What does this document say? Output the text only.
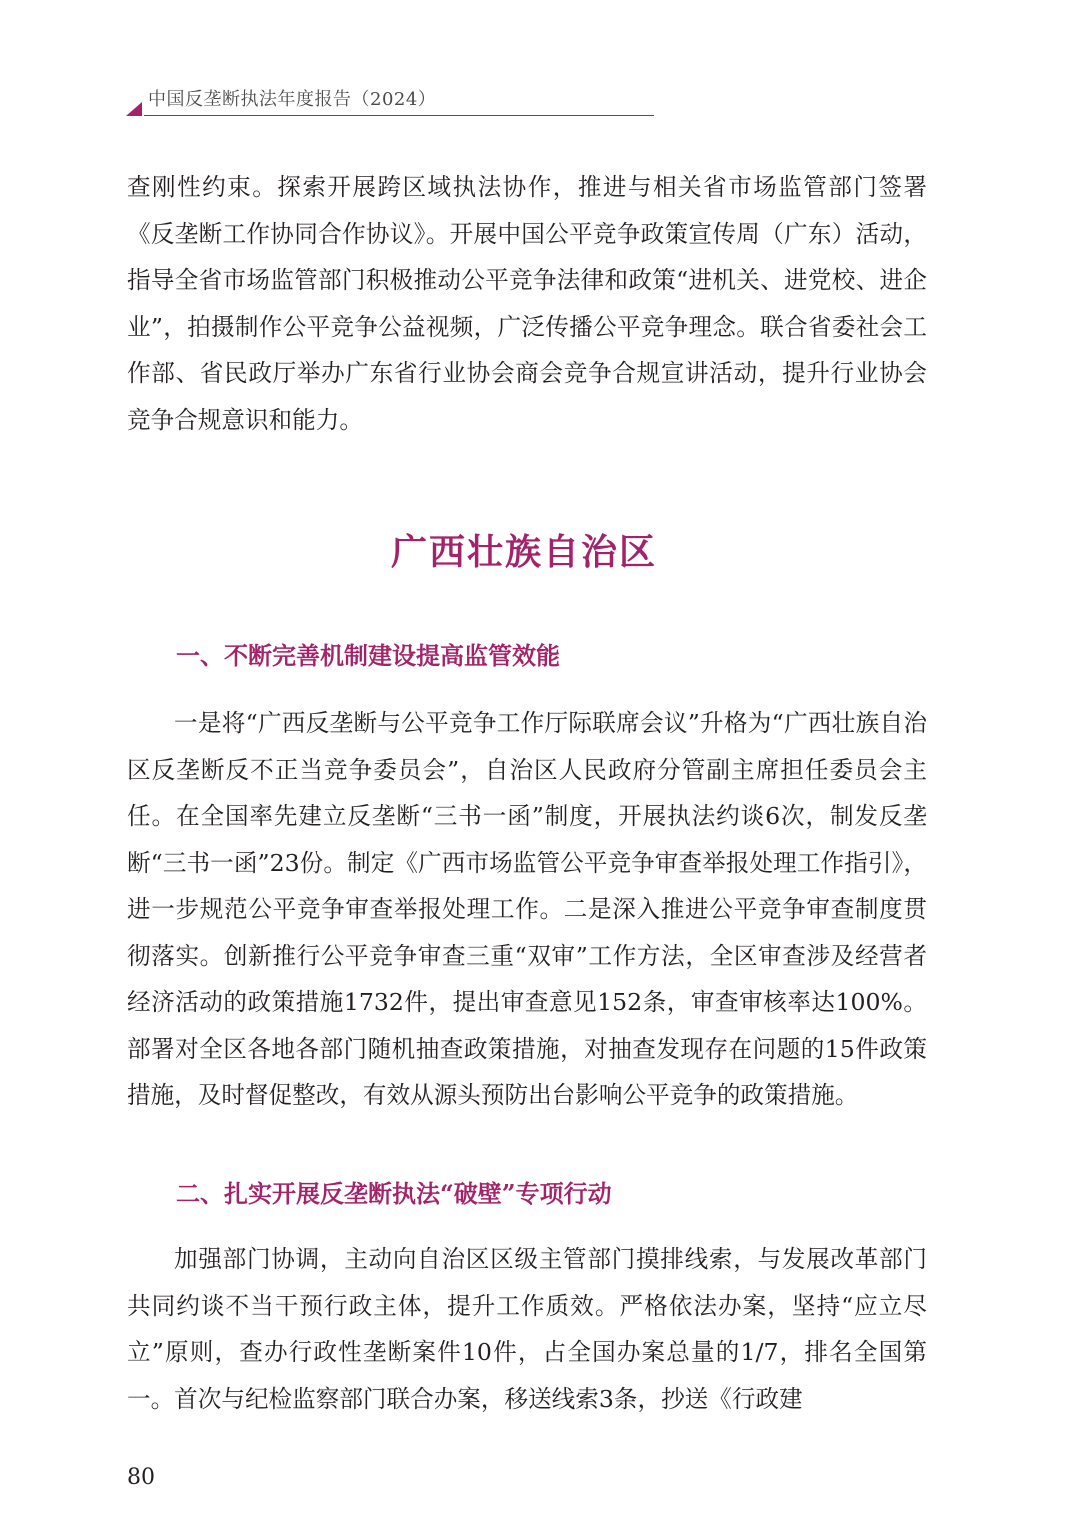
中国反垄断执法年度报告（2024）

查刚性约束。探索开展跨区域执法协作，推进与相关省市场监管部门签署《反垄断工作协同合作协议》。开展中国公平竞争政策宣传周（广东）活动，指导全省市场监管部门积极推动公平竞争法律和政策“进机关、进党校、进企业”，拍摄制作公平竞争公益视频，广泛传播公平竞争理念。联合省委社会工作部、省民政厅举办广东省行业协会商会竞争合规宣讲活动，提升行业协会竞争合规意识和能力。

广西壮族自治区
一、不断完善机制建设提高监管效能

一是将“广西反垄断与公平竞争工作厅际联席会议”升格为“广西壮族自治区反垄断反不正当竞争委员会”，自治区人民政府分管副主席担任委员会主任。在全国率先建立反垄断“三书一函”制度，开展执法约谈6次，制发反垄断“三书一函”23份。制定《广西市场监管公平竞争审查举报处理工作指引》，进一步规范公平竞争审查举报处理工作。二是深入推进公平竞争审查制度贯彻落实。创新推行公平竞争审查三重“双审”工作方法，全区审查涉及经营者经济活动的政策措施1732件，提出审查意见152条，审查审核率达100%。部署对全区各地各部门随机抽查政策措施，对抽查发现存在问题的15件政策措施，及时督促整改，有效从源头预防出台影响公平竞争的政策措施。

二、扎实开展反垄断执法“破壁”专项行动

加强部门协调，主动向自治区区级主管部门摸排线索，与发展改革部门共同约谈不当干预行政主体，提升工作质效。严格依法办案，坚持“应立尽立”原则，查办行政性垄断案件10件，占全国办案总量的1/7，排名全国第一。首次与纪检监察部门联合办案，移送线索3条，抄送《行政建

80
